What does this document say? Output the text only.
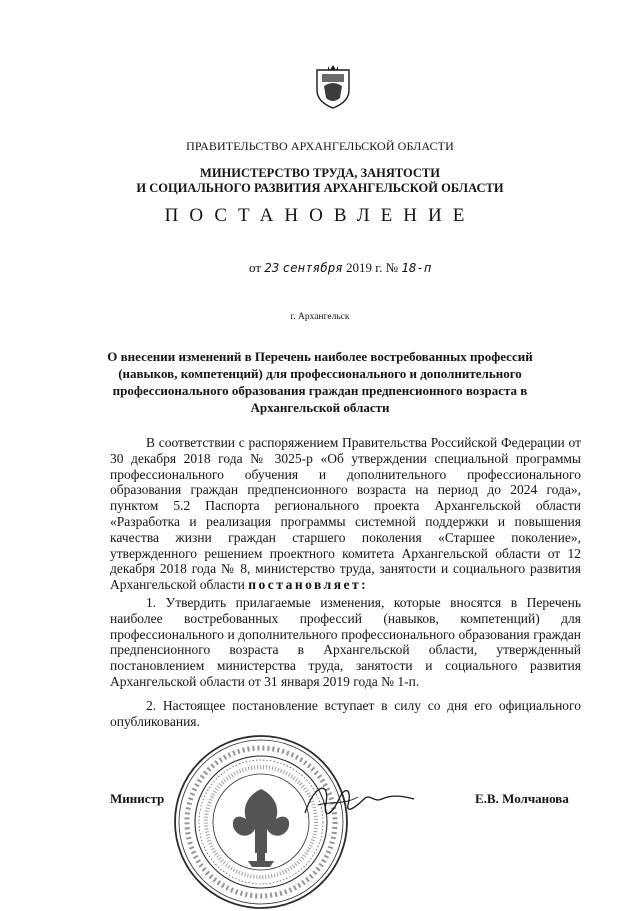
ПРАВИТЕЛЬСТВО АРХАНГЕЛЬСКОЙ ОБЛАСТИ
МИНИСТЕРСТВО ТРУДА, ЗАНЯТОСТИ
И СОЦИАЛЬНОГО РАЗВИТИЯ АРХАНГЕЛЬСКОЙ ОБЛАСТИ
ПОСТАНОВЛЕНИЕ
от 23 сентября 2019 г. № 18-п
г. Архангельск
О внесении изменений в Перечень наиболее востребованных профессий (навыков, компетенций) для профессионального и дополнительного профессионального образования граждан предпенсионного возраста в Архангельской области

В соответствии с распоряжением Правительства Российской Федерации от 30 декабря 2018 года № 3025-р «Об утверждении специальной программы профессионального обучения и дополнительного профессионального образования граждан предпенсионного возраста на период до 2024 года», пунктом 5.2 Паспорта регионального проекта Архангельской области «Разработка и реализация программы системной поддержки и повышения качества жизни граждан старшего поколения «Старшее поколение», утвержденного решением проектного комитета Архангельской области от 12 декабря 2018 года № 8, министерство труда, занятости и социального развития Архангельской области постановляет:

1. Утвердить прилагаемые изменения, которые вносятся в Перечень наиболее востребованных профессий (навыков, компетенций) для профессионального и дополнительного профессионального образования граждан предпенсионного возраста в Архангельской области, утвержденный постановлением министерства труда, занятости и социального развития Архангельской области от 31 января 2019 года № 1-п.

2. Настоящее постановление вступает в силу со дня его официального опубликования.

Министр	Е.В. Молчанова
